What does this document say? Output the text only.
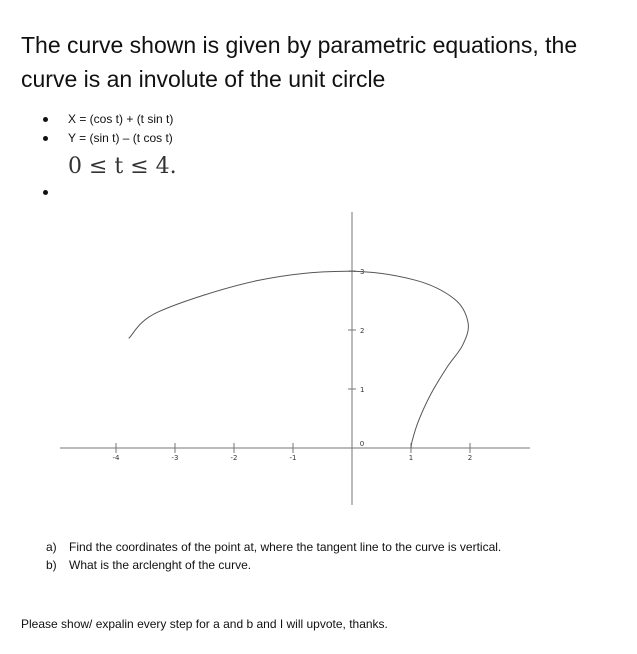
The curve shown is given by parametric equations, the curve is an involute of the unit circle
X = (cos t) + (t sin t)
Y = (sin t) – (t cos t)
0 ≤ t ≤ 4.
-4	-3	-2	-1	1	2
0
1
2
3
a)	Find the coordinates of the point at, where the tangent line to the curve is vertical.
b)	What is the arclenght of the curve.
Please show/ expalin every step for a and b and I will upvote, thanks.
